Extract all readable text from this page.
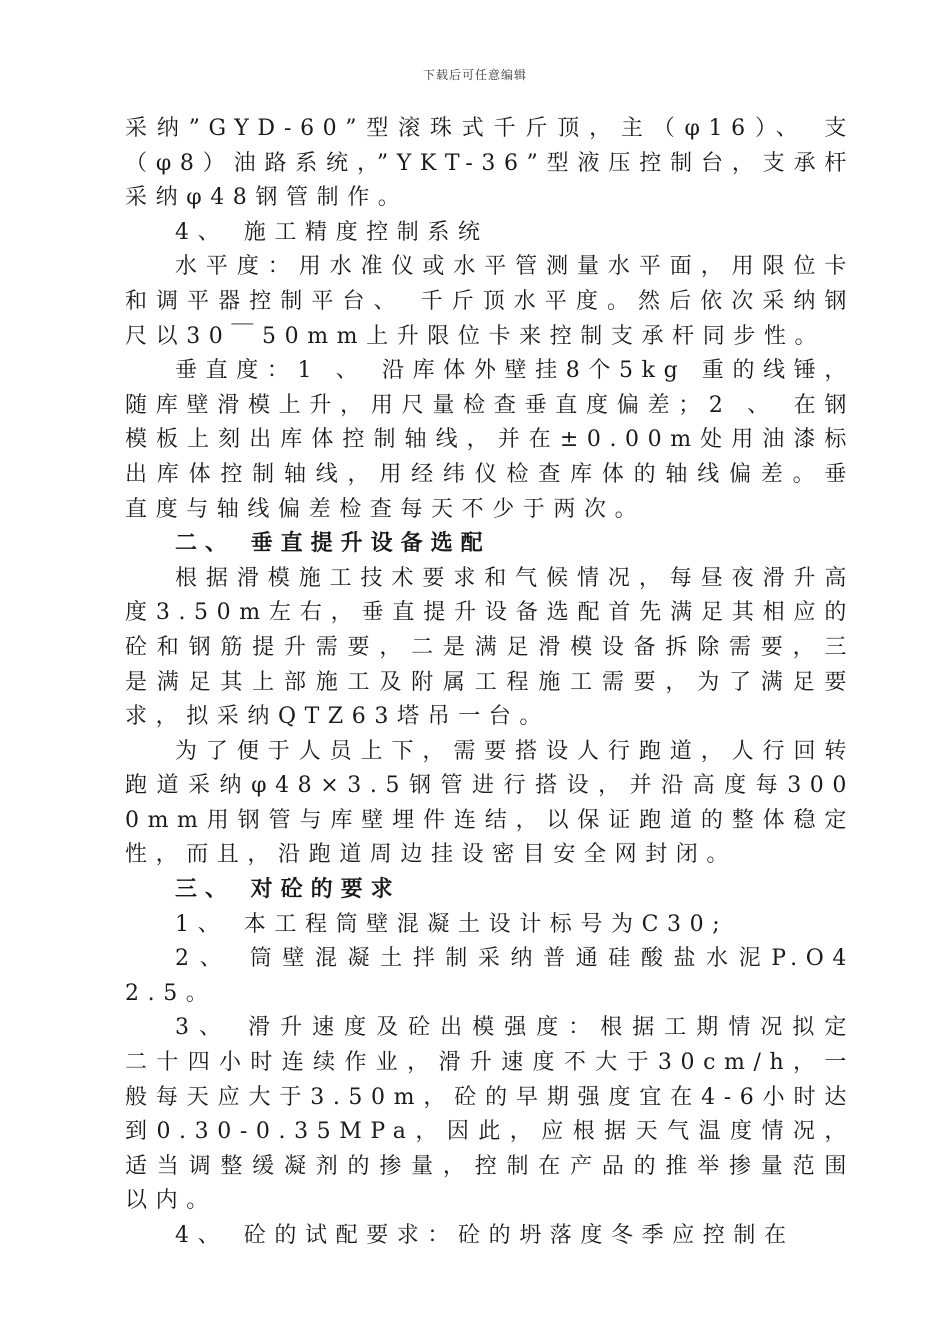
下载后可任意编辑

采纳”GYD-60”型滚珠式千斤顶，主（φ16）、 支（φ8）油路系统，”YKT-36”型液压控制台，支承杆采纳φ48钢管制作。

4、 施工精度控制系统

水平度：用水准仪或水平管测量水平面，用限位卡和调平器控制平台、 千斤顶水平度。然后依次采纳钢尺以30￣50mm上升限位卡来控制支承杆同步性。

垂直度：1 、 沿库体外壁挂8个5kg 重的线锤，随库壁滑模上升，用尺量检查垂直度偏差；2 、 在钢模板上刻出库体控制轴线，并在±0.00m处用油漆标出库体控制轴线，用经纬仪检查库体的轴线偏差。垂直度与轴线偏差检查每天不少于两次。

二、 垂直提升设备选配

根据滑模施工技术要求和气候情况，每昼夜滑升高度3.50m左右，垂直提升设备选配首先满足其相应的砼和钢筋提升需要，二是满足滑模设备拆除需要，三是满足其上部施工及附属工程施工需要，为了满足要求，拟采纳QTZ63塔吊一台。

为了便于人员上下，需要搭设人行跑道，人行回转跑道采纳φ48×3.5钢管进行搭设，并沿高度每3000mm用钢管与库壁埋件连结，以保证跑道的整体稳定性，而且，沿跑道周边挂设密目安全网封闭。

三、 对砼的要求

1、 本工程筒壁混凝土设计标号为C30;

2、 筒壁混凝土拌制采纳普通硅酸盐水泥P.O42.5。

3、 滑升速度及砼出模强度：根据工期情况拟定二十四小时连续作业，滑升速度不大于30cm/h，一般每天应大于3.50m，砼的早期强度宜在4-6小时达到0.30-0.35MPa，因此，应根据天气温度情况，适当调整缓凝剂的掺量，控制在产品的推举掺量范围以内。

4、 砼的试配要求：砼的坍落度冬季应控制在
